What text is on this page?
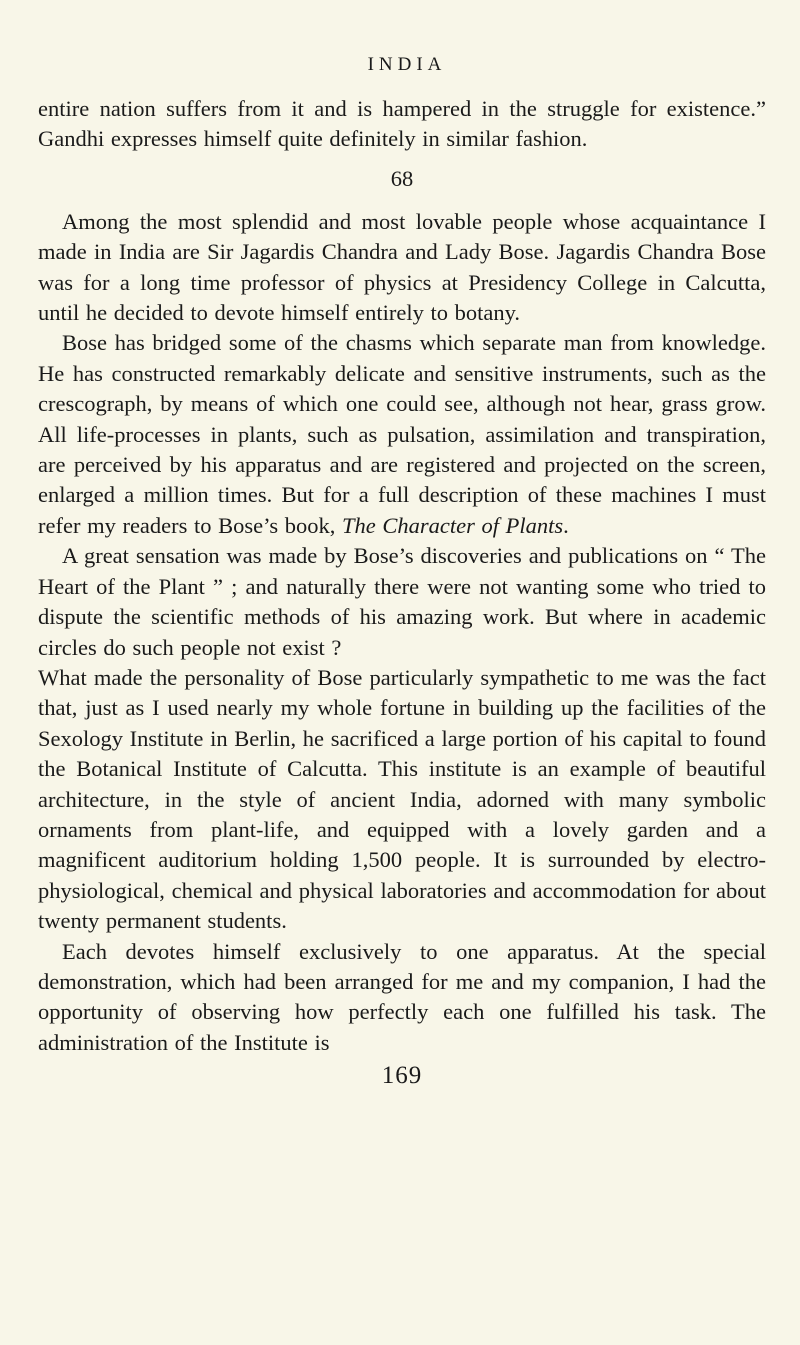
INDIA

entire nation suffers from it and is hampered in the struggle for existence.” Gandhi expresses himself quite definitely in similar fashion.

68

Among the most splendid and most lovable people whose acquaintance I made in India are Sir Jagardis Chandra and Lady Bose. Jagardis Chandra Bose was for a long time professor of physics at Presidency College in Calcutta, until he decided to devote himself entirely to botany.

Bose has bridged some of the chasms which separate man from knowledge. He has constructed remarkably delicate and sensitive instruments, such as the crescograph, by means of which one could see, although not hear, grass grow. All life-processes in plants, such as pulsation, assimilation and transpiration, are perceived by his apparatus and are registered and projected on the screen, enlarged a million times. But for a full description of these machines I must refer my readers to Bose’s book, The Character of Plants.

A great sensation was made by Bose’s discoveries and publications on “ The Heart of the Plant ” ; and naturally there were not wanting some who tried to dispute the scientific methods of his amazing work. But where in academic circles do such people not exist ?

What made the personality of Bose particularly sympathetic to me was the fact that, just as I used nearly my whole fortune in building up the facilities of the Sexology Institute in Berlin, he sacrificed a large portion of his capital to found the Botanical Institute of Calcutta. This institute is an example of beautiful architecture, in the style of ancient India, adorned with many symbolic ornaments from plant-life, and equipped with a lovely garden and a magnificent auditorium holding 1,500 people. It is surrounded by electro-physiological, chemical and physical laboratories and accommodation for about twenty permanent students.

Each devotes himself exclusively to one apparatus. At the special demonstration, which had been arranged for me and my companion, I had the opportunity of observing how perfectly each one fulfilled his task. The administration of the Institute is

169
